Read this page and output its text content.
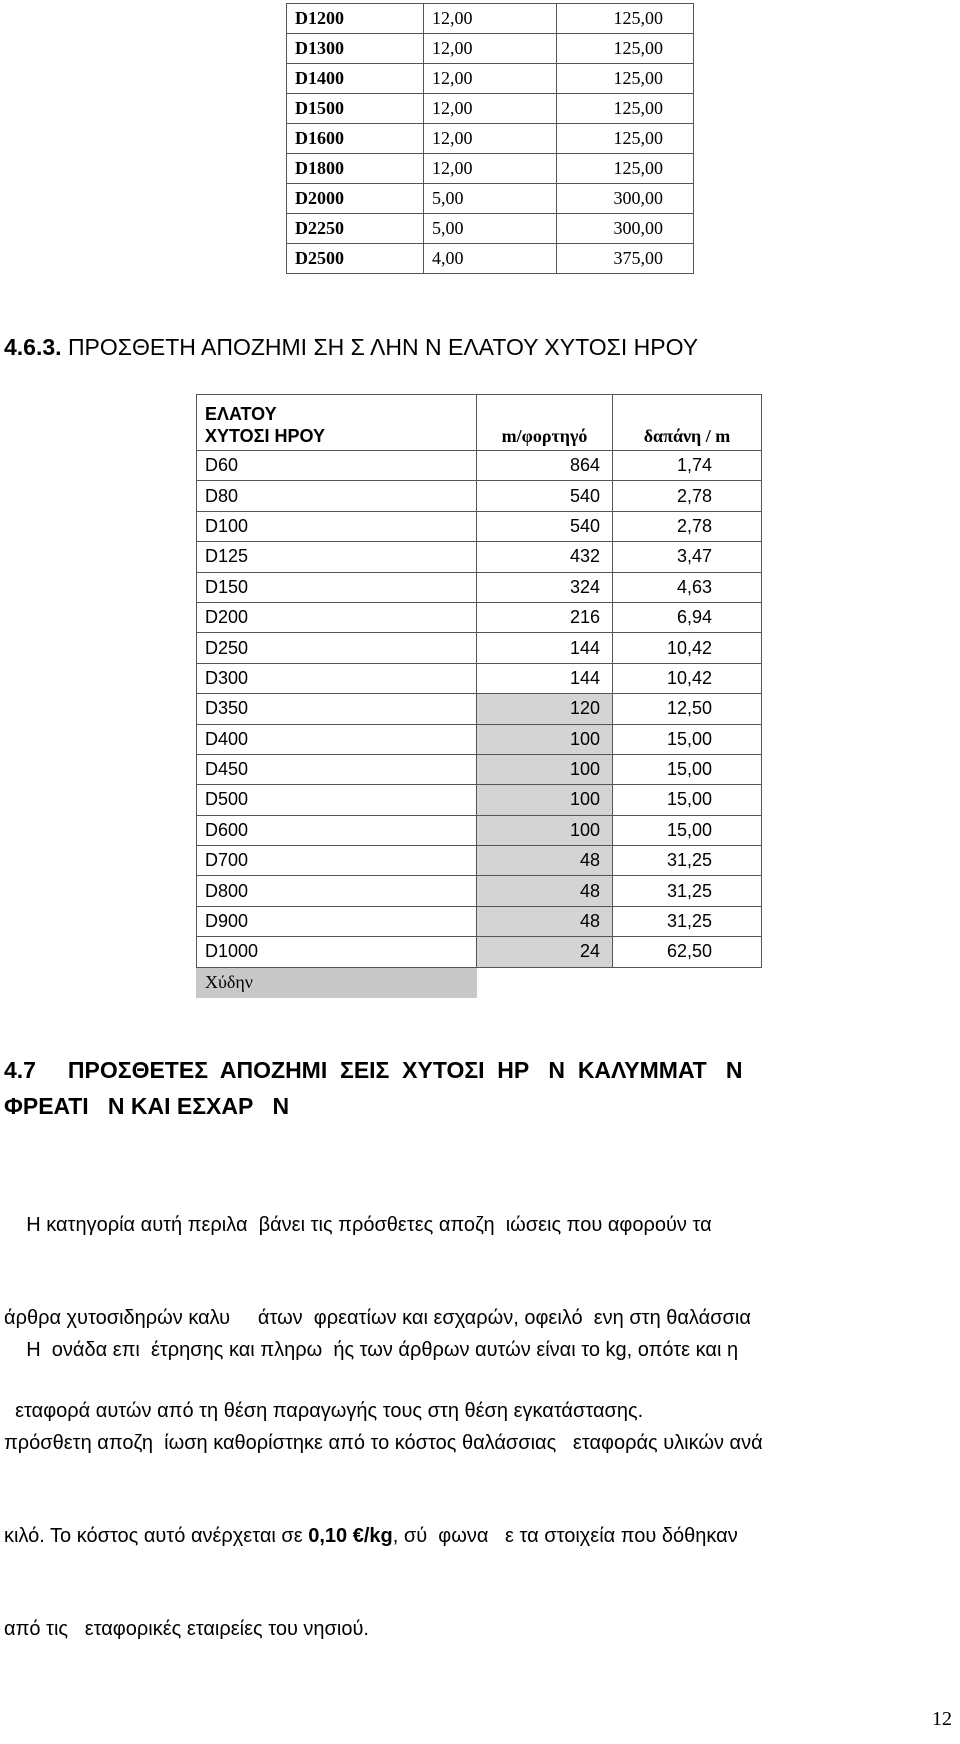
D1200	12,00	125,00
D1300	12,00	125,00
D1400	12,00	125,00
D1500	12,00	125,00
D1600	12,00	125,00
D1800	12,00	125,00
D2000	5,00	300,00
D2250	5,00	300,00
D2500	4,00	375,00
4.6.3. ΠΡΟΣΘΕΤΗ ΑΠΟΖΗΜΙ ΣΗ Σ ΛΗΝ Ν ΕΛΑΤΟΥ ΧΥΤΟΣΙ ΗΡΟΥ
ΕΛΑΤΟΥ
ΧΥΤΟΣΙ ΗΡΟΥ	m/φορτηγό	δαπάνη / m
D60	864	1,74
D80	540	2,78
D100	540	2,78
D125	432	3,47
D150	324	4,63
D200	216	6,94
D250	144	10,42
D300	144	10,42
D350	120	12,50
D400	100	15,00
D450	100	15,00
D500	100	15,00
D600	100	15,00
D700	48	31,25
D800	48	31,25
D900	48	31,25
D1000	24	62,50
Χύδην		
4.7     ΠΡΟΣΘΕΤΕΣ  ΑΠΟΖΗΜΙ  ΣΕΙΣ  ΧΥΤΟΣΙ  ΗΡ   Ν  ΚΑΛΥΜΜΑΤ   Ν
ΦΡΕΑΤΙ   Ν ΚΑΙ ΕΣΧΑΡ   Ν

Η κατηγορία αυτή περιλα  βάνει τις πρόσθετες αποζη  ιώσεις που αφορούν τα

άρθρα χυτοσιδηρών καλυ     άτων  φρεατίων και εσχαρών, οφειλό  ενη στη θαλάσσια

εταφορά αυτών από τη θέση παραγωγής τους στη θέση εγκατάστασης.

Η  ονάδα επι  έτρησης και πληρω  ής των άρθρων αυτών είναι το kg, οπότε και η

πρόσθετη αποζη  ίωση καθορίστηκε από το κόστος θαλάσσιας   εταφοράς υλικών ανά

κιλό. Το κόστος αυτό ανέρχεται σε 0,10 €/kg, σύ  φωνα   ε τα στοιχεία που δόθηκαν

από τις   εταφορικές εταιρείες του νησιού.

12
